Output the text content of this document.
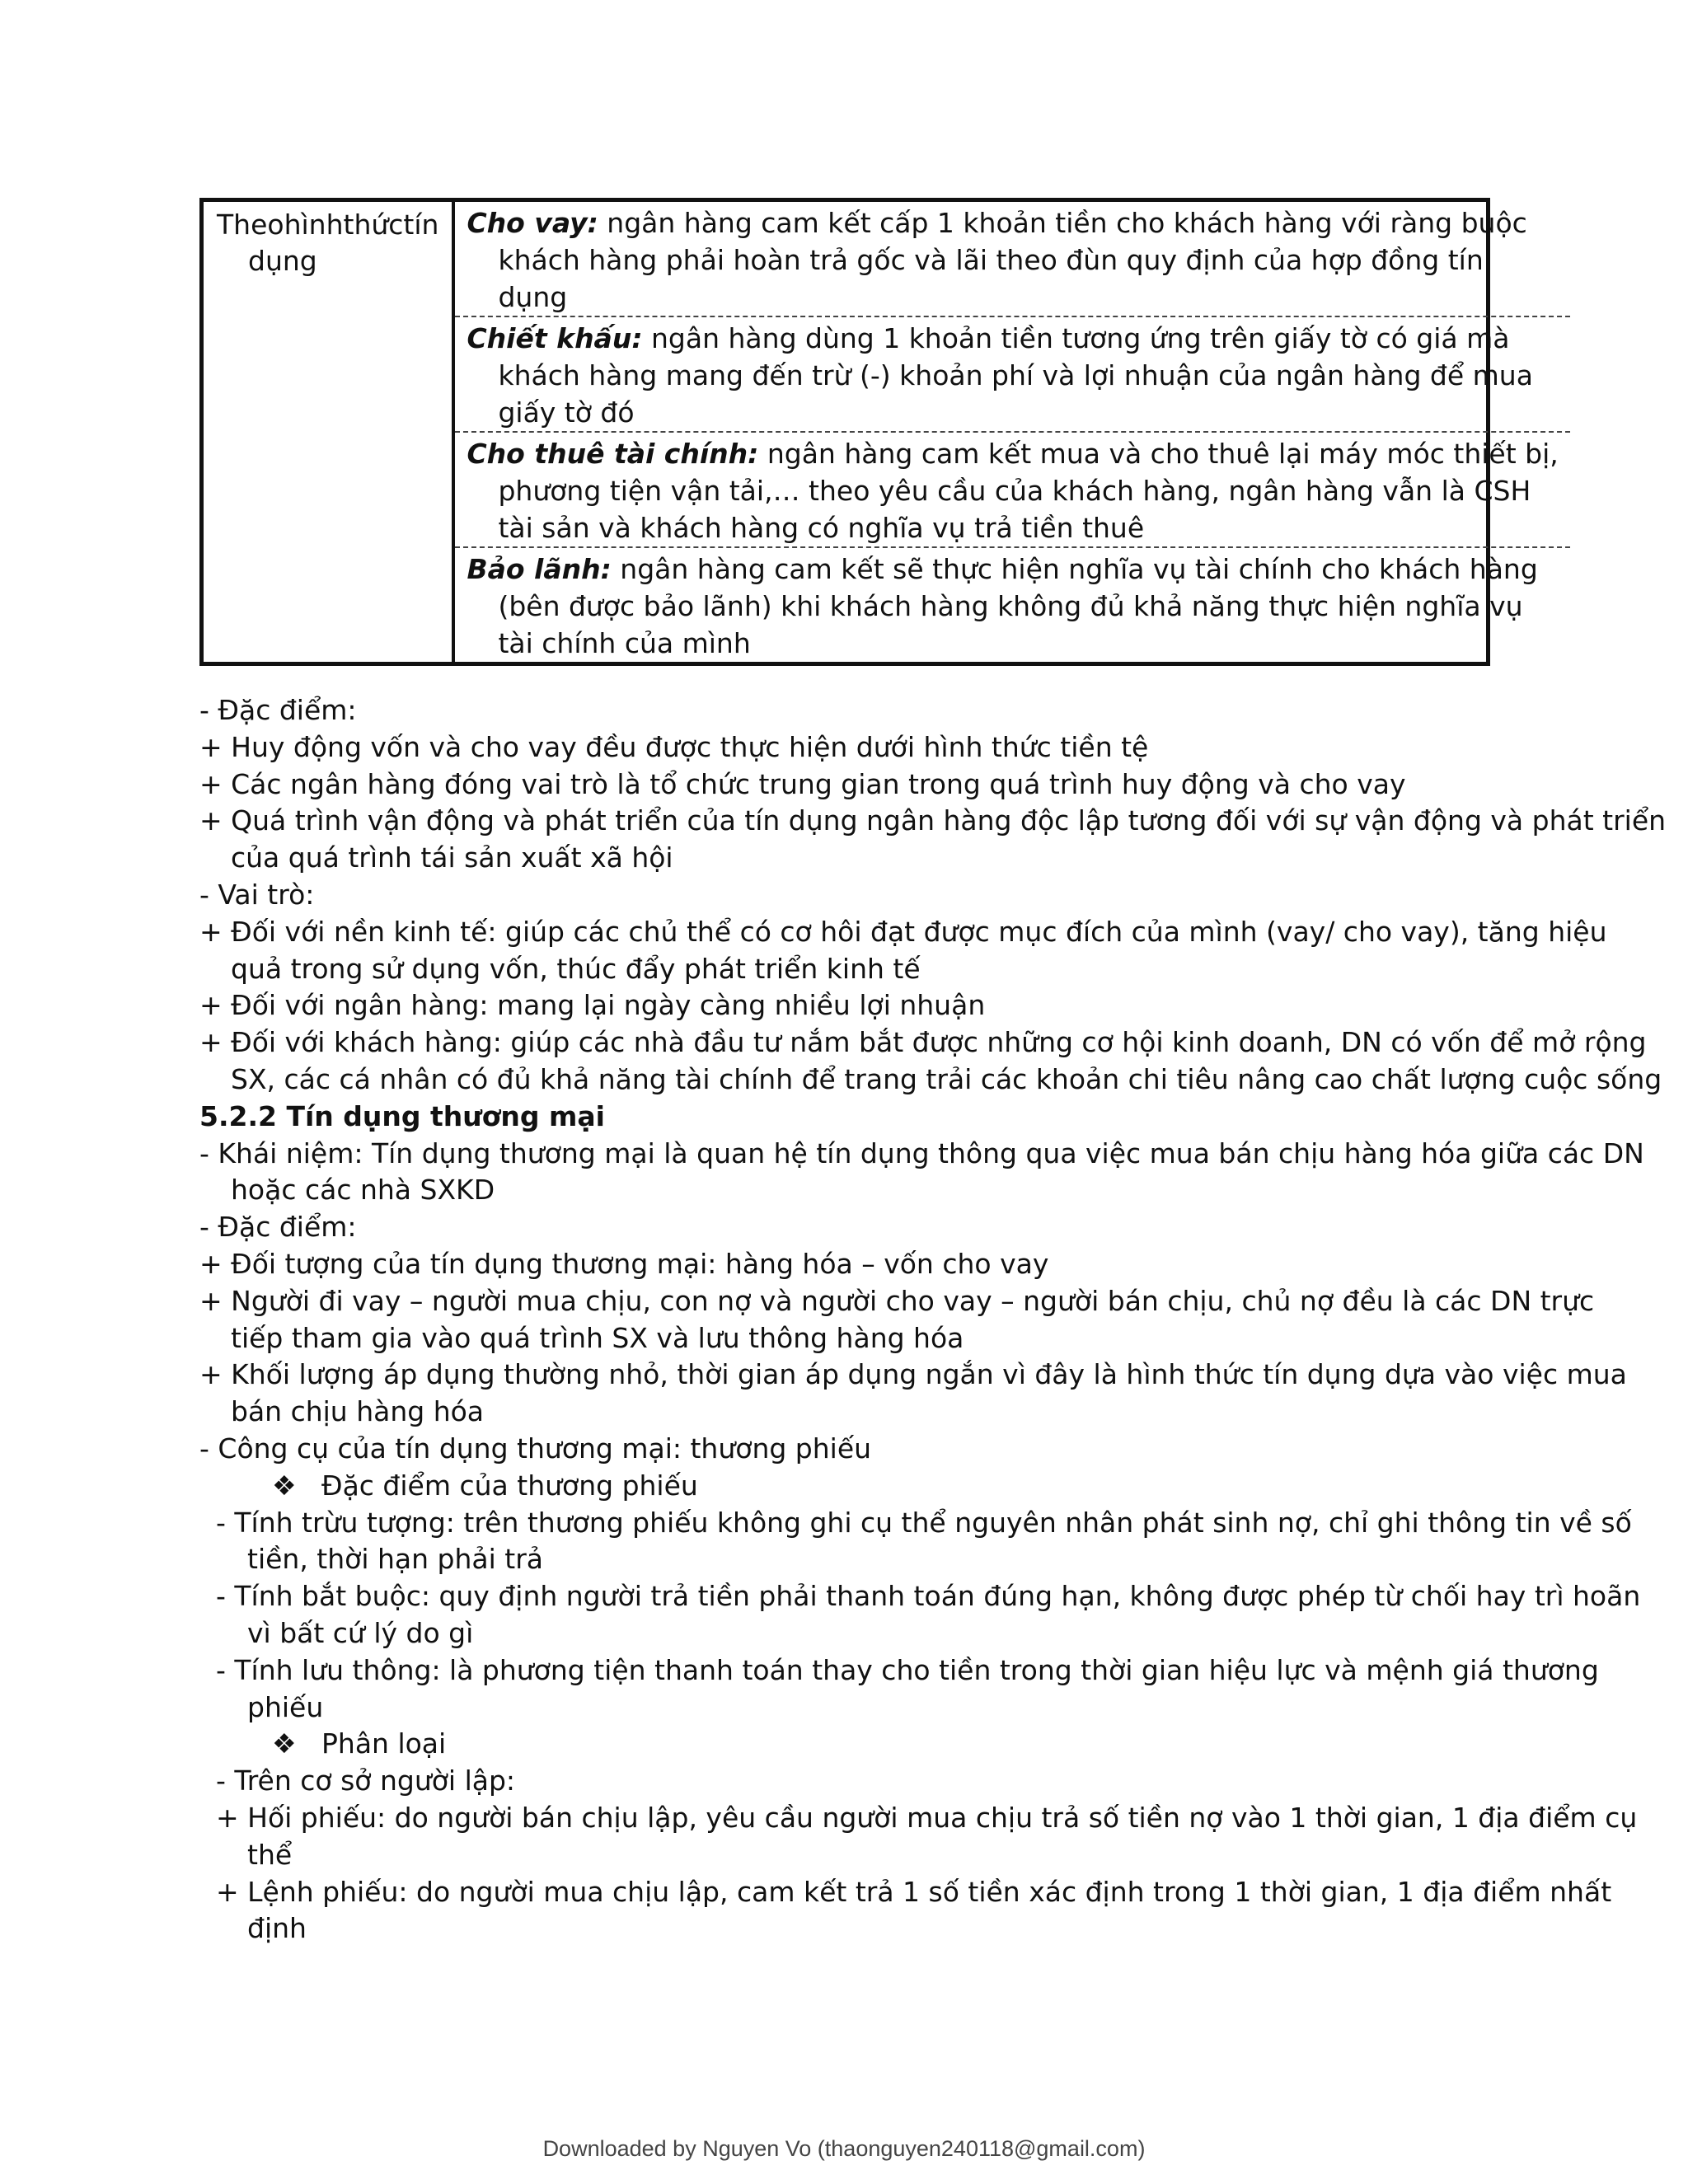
Theo hình thức tín
dụng
Cho vay: ngân hàng cam kết cấp 1 khoản tiền cho khách hàng với ràng buộc
khách hàng phải hoàn trả gốc và lãi theo đùn quy định của hợp đồng tín
dụng
Chiết khấu: ngân hàng dùng 1 khoản tiền tương ứng trên giấy tờ có giá mà
khách hàng mang đến trừ (-) khoản phí và lợi nhuận của ngân hàng để mua
giấy tờ đó
Cho thuê tài chính: ngân hàng cam kết mua và cho thuê lại máy móc thiết bị,
phương tiện vận tải,… theo yêu cầu của khách hàng, ngân hàng vẫn là CSH
tài sản và khách hàng có nghĩa vụ trả tiền thuê
Bảo lãnh: ngân hàng cam kết sẽ thực hiện nghĩa vụ tài chính cho khách hàng
(bên được bảo lãnh) khi khách hàng không đủ khả năng thực hiện nghĩa vụ
tài chính của mình
- Đặc điểm:
+ Huy động vốn và cho vay đều được thực hiện dưới hình thức tiền tệ
+ Các ngân hàng đóng vai trò là tổ chức trung gian trong quá trình huy động và cho vay
+ Quá trình vận động và phát triển của tín dụng ngân hàng độc lập tương đối với sự vận động và phát triển
của quá trình tái sản xuất xã hội
- Vai trò:
+ Đối với nền kinh tế: giúp các chủ thể có cơ hôi đạt được mục đích của mình (vay/ cho vay), tăng hiệu
quả trong sử dụng vốn, thúc đẩy phát triển kinh tế
+ Đối với ngân hàng: mang lại ngày càng nhiều lợi nhuận
+ Đối với khách hàng: giúp các nhà đầu tư nắm bắt được những cơ hội kinh doanh, DN có vốn để mở rộng
SX, các cá nhân có đủ khả năng tài chính để trang trải các khoản chi tiêu nâng cao chất lượng cuộc sống
5.2.2 Tín dụng thương mại
- Khái niệm: Tín dụng thương mại là quan hệ tín dụng thông qua việc mua bán chịu hàng hóa giữa các DN
hoặc các nhà SXKD
- Đặc điểm:
+ Đối tượng của tín dụng thương mại: hàng hóa – vốn cho vay
+ Người đi vay – người mua chịu, con nợ và người cho vay – người bán chịu, chủ nợ đều là các DN trực
tiếp tham gia vào quá trình SX và lưu thông hàng hóa
+ Khối lượng áp dụng thường nhỏ, thời gian áp dụng ngắn vì đây là hình thức tín dụng dựa vào việc mua
bán chịu hàng hóa
- Công cụ của tín dụng thương mại: thương phiếu
❖ Đặc điểm của thương phiếu
- Tính trừu tượng: trên thương phiếu không ghi cụ thể nguyên nhân phát sinh nợ, chỉ ghi thông tin về số
tiền, thời hạn phải trả
- Tính bắt buộc: quy định người trả tiền phải thanh toán đúng hạn, không được phép từ chối hay trì hoãn
vì bất cứ lý do gì
- Tính lưu thông: là phương tiện thanh toán thay cho tiền trong thời gian hiệu lực và mệnh giá thương
phiếu
❖ Phân loại
- Trên cơ sở người lập:
+ Hối phiếu: do người bán chịu lập, yêu cầu người mua chịu trả số tiền nợ vào 1 thời gian, 1 địa điểm cụ
thể
+ Lệnh phiếu: do người mua chịu lập, cam kết trả 1 số tiền xác định trong 1 thời gian, 1 địa điểm nhất
định
Downloaded by Nguyen Vo (thaonguyen240118@gmail.com)
